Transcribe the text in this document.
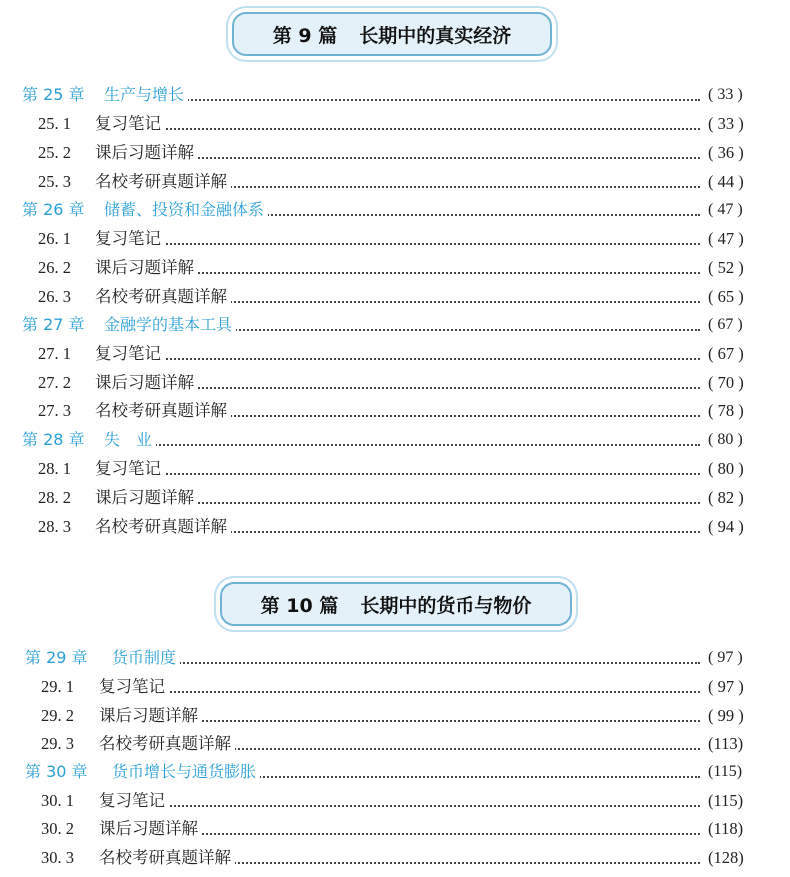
第 9 篇 长期中的真实经济
第 25 章 生产与增长	( 33 )
25. 1 复习笔记	( 33 )
25. 2 课后习题详解	( 36 )
25. 3 名校考研真题详解	( 44 )
第 26 章 储蓄、投资和金融体系	( 47 )
26. 1 复习笔记	( 47 )
26. 2 课后习题详解	( 52 )
26. 3 名校考研真题详解	( 65 )
第 27 章 金融学的基本工具	( 67 )
27. 1 复习笔记	( 67 )
27. 2 课后习题详解	( 70 )
27. 3 名校考研真题详解	( 78 )
第 28 章 失　业	( 80 )
28. 1 复习笔记	( 80 )
28. 2 课后习题详解	( 82 )
28. 3 名校考研真题详解	( 94 )
第 10 篇 长期中的货币与物价
第 29 章 货币制度	( 97 )
29. 1 复习笔记	( 97 )
29. 2 课后习题详解	( 99 )
29. 3 名校考研真题详解	(113)
第 30 章 货币增长与通货膨胀	(115)
30. 1 复习笔记	(115)
30. 2 课后习题详解	(118)
30. 3 名校考研真题详解	(128)
